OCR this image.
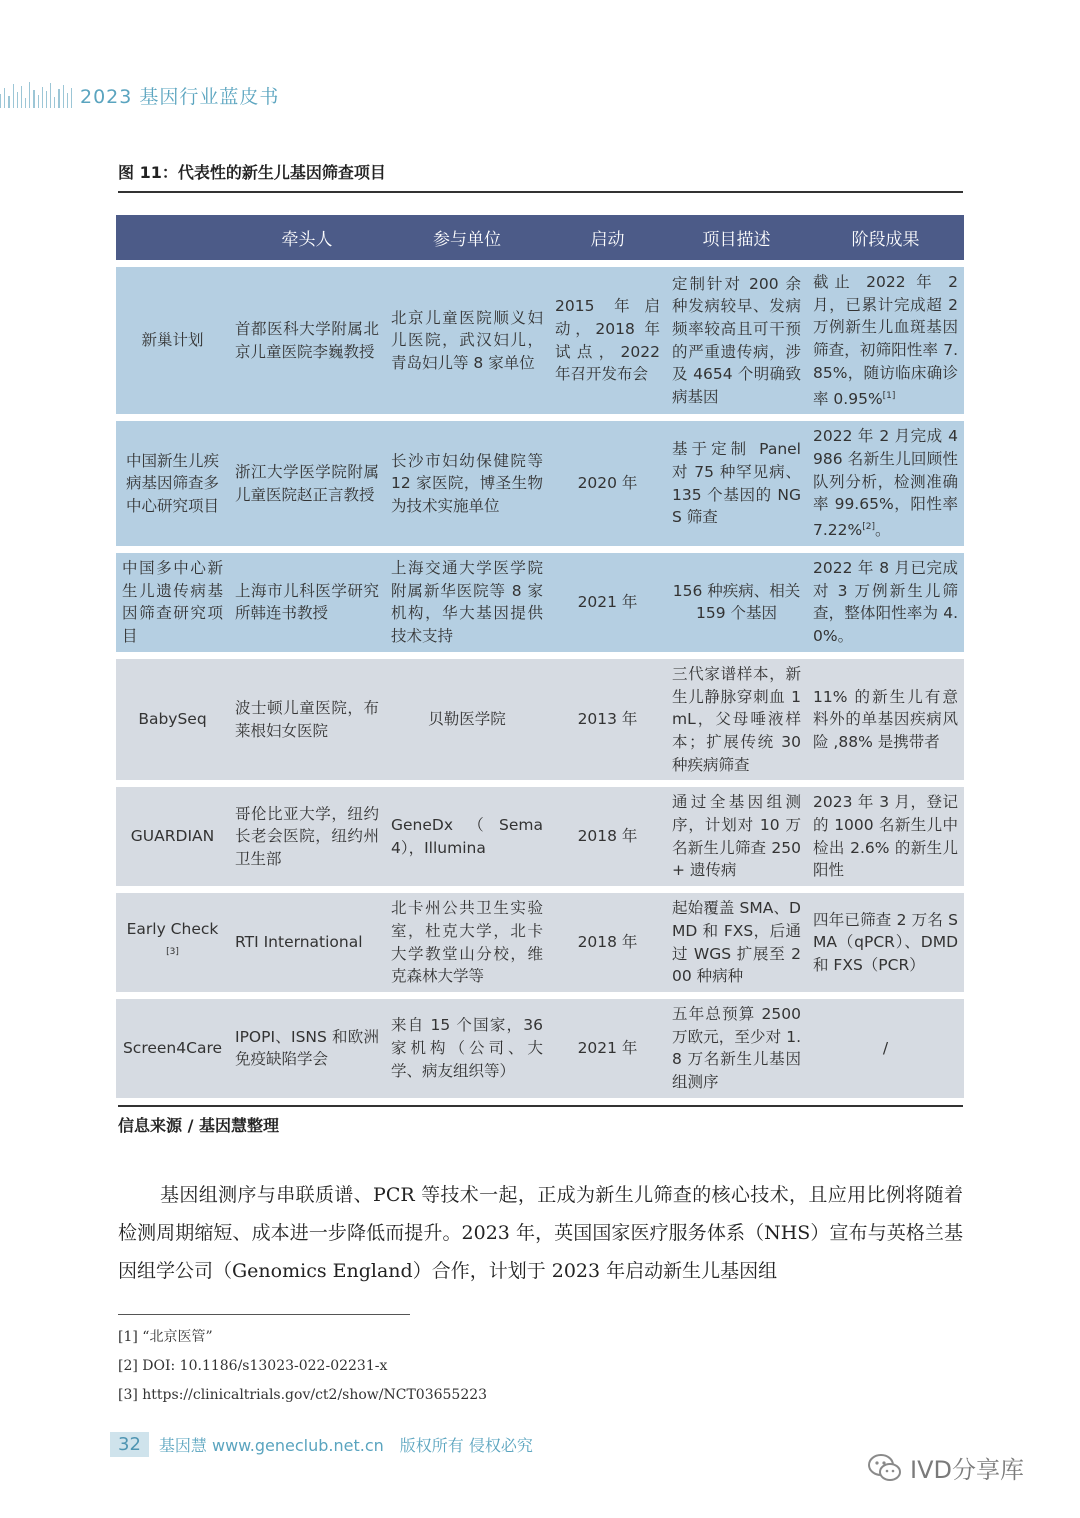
2023 基因行业蓝皮书
图 11：代表性的新生儿基因筛查项目
	牵头人	参与单位	启动	项目描述	阶段成果
新巢计划	首都医科大学附属北京儿童医院李巍教授	北京儿童医院顺义妇儿医院，武汉妇儿，青岛妇儿等 8 家单位	2015 年启动，2018 年试点，2022 年召开发布会	定制针对 200 余种发病较早、发病频率较高且可干预的严重遗传病，涉及 4654 个明确致病基因	截止 2022 年 2 月，已累计完成超 2 万例新生儿血斑基因筛查，初筛阳性率 7.85%，随访临床确诊率 0.95%[1]
中国新生儿疾病基因筛查多中心研究项目	浙江大学医学院附属儿童医院赵正言教授	长沙市妇幼保健院等 12 家医院，博圣生物为技术实施单位	2020 年	基于定制 Panel 对 75 种罕见病、135 个基因的 NGS 筛查	2022 年 2 月完成 4986 名新生儿回顾性队列分析，检测准确率 99.65%，阳性率 7.22%[2]。
中国多中心新生儿遗传病基因筛查研究项目	上海市儿科医学研究所韩连书教授	上海交通大学医学院附属新华医院等 8 家机构，华大基因提供技术支持	2021 年	156 种疾病、相关 159 个基因	2022 年 8 月已完成对 3 万例新生儿筛查，整体阳性率为 4.0%。
BabySeq	波士顿儿童医院，布莱根妇女医院	贝勒医学院	2013 年	三代家谱样本，新生儿静脉穿刺血 1mL，父母唾液样本；扩展传统 30 种疾病筛查	11% 的新生儿有意料外的单基因疾病风险 ,88% 是携带者
GUARDIAN	哥伦比亚大学，纽约长老会医院，纽约州卫生部	GeneDx（Sema4），Illumina	2018 年	通过全基因组测序，计划对 10 万名新生儿筛查 250+ 遗传病	2023 年 3 月，登记的 1000 名新生儿中检出 2.6% 的新生儿阳性
Early Check[3]	RTI International	北卡州公共卫生实验室，杜克大学，北卡大学教堂山分校，维克森林大学等	2018 年	起始覆盖 SMA、DMD 和 FXS，后通过 WGS 扩展至 200 种病种	四年已筛查 2 万名 SMA（qPCR）、DMD 和 FXS（PCR）
Screen4Care	IPOPI、ISNS 和欧洲免疫缺陷学会	来自 15 个国家，36 家机构（公司、大学、病友组织等）	2021 年	五年总预算 2500 万欧元，至少对 1.8 万名新生儿基因组测序	/
信息来源 / 基因慧整理
基因组测序与串联质谱、PCR 等技术一起，正成为新生儿筛查的核心技术，且应用比例将随着检测周期缩短、成本进一步降低而提升。2023 年，英国国家医疗服务体系（NHS）宣布与英格兰基因组学公司（Genomics England）合作，计划于 2023 年启动新生儿基因组
[1] “北京医管”
[2] DOI: 10.1186/s13023-022-02231-x
[3] https://clinicaltrials.gov/ct2/show/NCT03655223
32	基因慧 www.geneclub.net.cn 版权所有 侵权必究
IVD分享库
